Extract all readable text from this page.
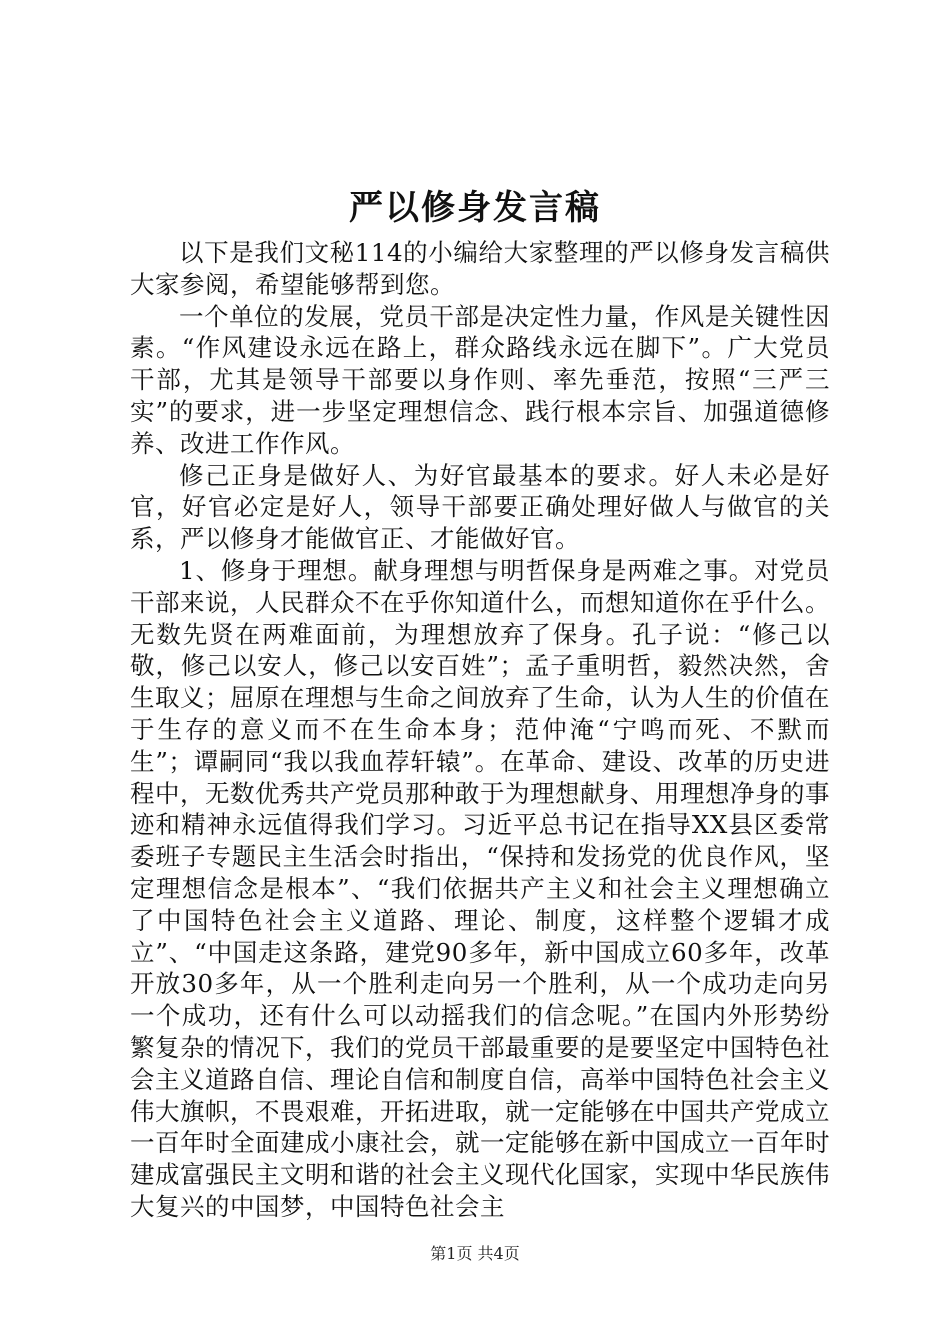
严以修身发言稿

以下是我们文秘114的小编给大家整理的严以修身发言稿供大家参阅，希望能够帮到您。

一个单位的发展，党员干部是决定性力量，作风是关键性因素。“作风建设永远在路上，群众路线永远在脚下”。广大党员干部，尤其是领导干部要以身作则、率先垂范，按照“三严三实”的要求，进一步坚定理想信念、践行根本宗旨、加强道德修养、改进工作作风。

修己正身是做好人、为好官最基本的要求。好人未必是好官，好官必定是好人，领导干部要正确处理好做人与做官的关系，严以修身才能做官正、才能做好官。

1、修身于理想。献身理想与明哲保身是两难之事。对党员干部来说，人民群众不在乎你知道什么，而想知道你在乎什么。无数先贤在两难面前，为理想放弃了保身。孔子说：“修己以敬，修己以安人，修己以安百姓”；孟子重明哲，毅然决然，舍生取义；屈原在理想与生命之间放弃了生命，认为人生的价值在于生存的意义而不在生命本身；范仲淹“宁鸣而死、不默而生”；谭嗣同“我以我血荐轩辕”。在革命、建设、改革的历史进程中，无数优秀共产党员那种敢于为理想献身、用理想净身的事迹和精神永远值得我们学习。习近平总书记在指导XX县区委常委班子专题民主生活会时指出，“保持和发扬党的优良作风，坚定理想信念是根本”、“我们依据共产主义和社会主义理想确立了中国特色社会主义道路、理论、制度，这样整个逻辑才成立”、“中国走这条路，建党90多年，新中国成立60多年，改革开放30多年，从一个胜利走向另一个胜利，从一个成功走向另一个成功，还有什么可以动摇我们的信念呢。”在国内外形势纷繁复杂的情况下，我们的党员干部最重要的是要坚定中国特色社会主义道路自信、理论自信和制度自信，高举中国特色社会主义伟大旗帜，不畏艰难，开拓进取，就一定能够在中国共产党成立一百年时全面建成小康社会，就一定能够在新中国成立一百年时建成富强民主文明和谐的社会主义现代化国家，实现中华民族伟大复兴的中国梦，中国特色社会主

第1页 共4页
